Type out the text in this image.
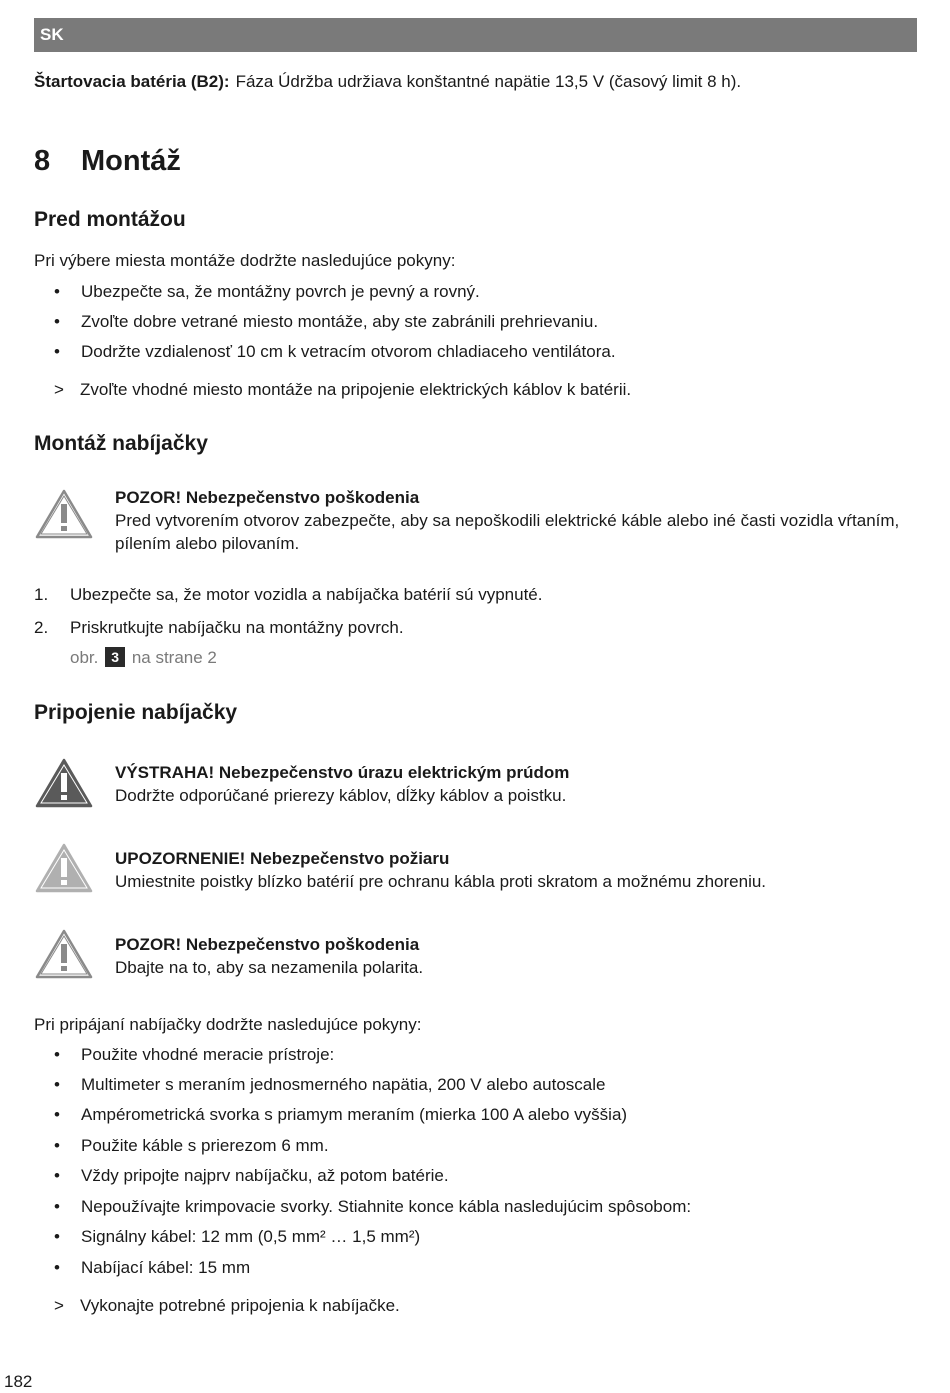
SK
Štartovacia batéria (B2): Fáza Údržba udržiava konštantné napätie 13,5 V (časový limit 8 h).
8 Montáž
Pred montážou
Pri výbere miesta montáže dodržte nasledujúce pokyny:
• Ubezpečte sa, že montážny povrch je pevný a rovný.
• Zvoľte dobre vetrané miesto montáže, aby ste zabránili prehrievaniu.
• Dodržte vzdialenosť 10 cm k vetracím otvorom chladiaceho ventilátora.
> Zvoľte vhodné miesto montáže na pripojenie elektrických káblov k batérii.
Montáž nabíjačky
POZOR! Nebezpečenstvo poškodenia
Pred vytvorením otvorov zabezpečte, aby sa nepoškodili elektrické káble alebo iné časti vozidla vŕtaním, pílením alebo pilovaním.
1. Ubezpečte sa, že motor vozidla a nabíjačka batérií sú vypnuté.
2. Priskrutkujte nabíjačku na montážny povrch.
obr. 3 na strane 2
Pripojenie nabíjačky
VÝSTRAHA! Nebezpečenstvo úrazu elektrickým prúdom
Dodržte odporúčané prierezy káblov, dĺžky káblov a poistku.
UPOZORNENIE! Nebezpečenstvo požiaru
Umiestnite poistky blízko batérií pre ochranu kábla proti skratom a možnému zhoreniu.
POZOR! Nebezpečenstvo poškodenia
Dbajte na to, aby sa nezamenila polarita.
Pri pripájaní nabíjačky dodržte nasledujúce pokyny:
• Použite vhodné meracie prístroje:
• Multimeter s meraním jednosmerného napätia, 200 V alebo autoscale
• Ampérometrická svorka s priamym meraním (mierka 100 A alebo vyššia)
• Použite káble s prierezom 6 mm.
• Vždy pripojte najprv nabíjačku, až potom batérie.
• Nepoužívajte krimpovacie svorky. Stiahnite konce kábla nasledujúcim spôsobom:
• Signálny kábel: 12 mm (0,5 mm² … 1,5 mm²)
• Nabíjací kábel: 15 mm
> Vykonajte potrebné pripojenia k nabíjačke.
182
